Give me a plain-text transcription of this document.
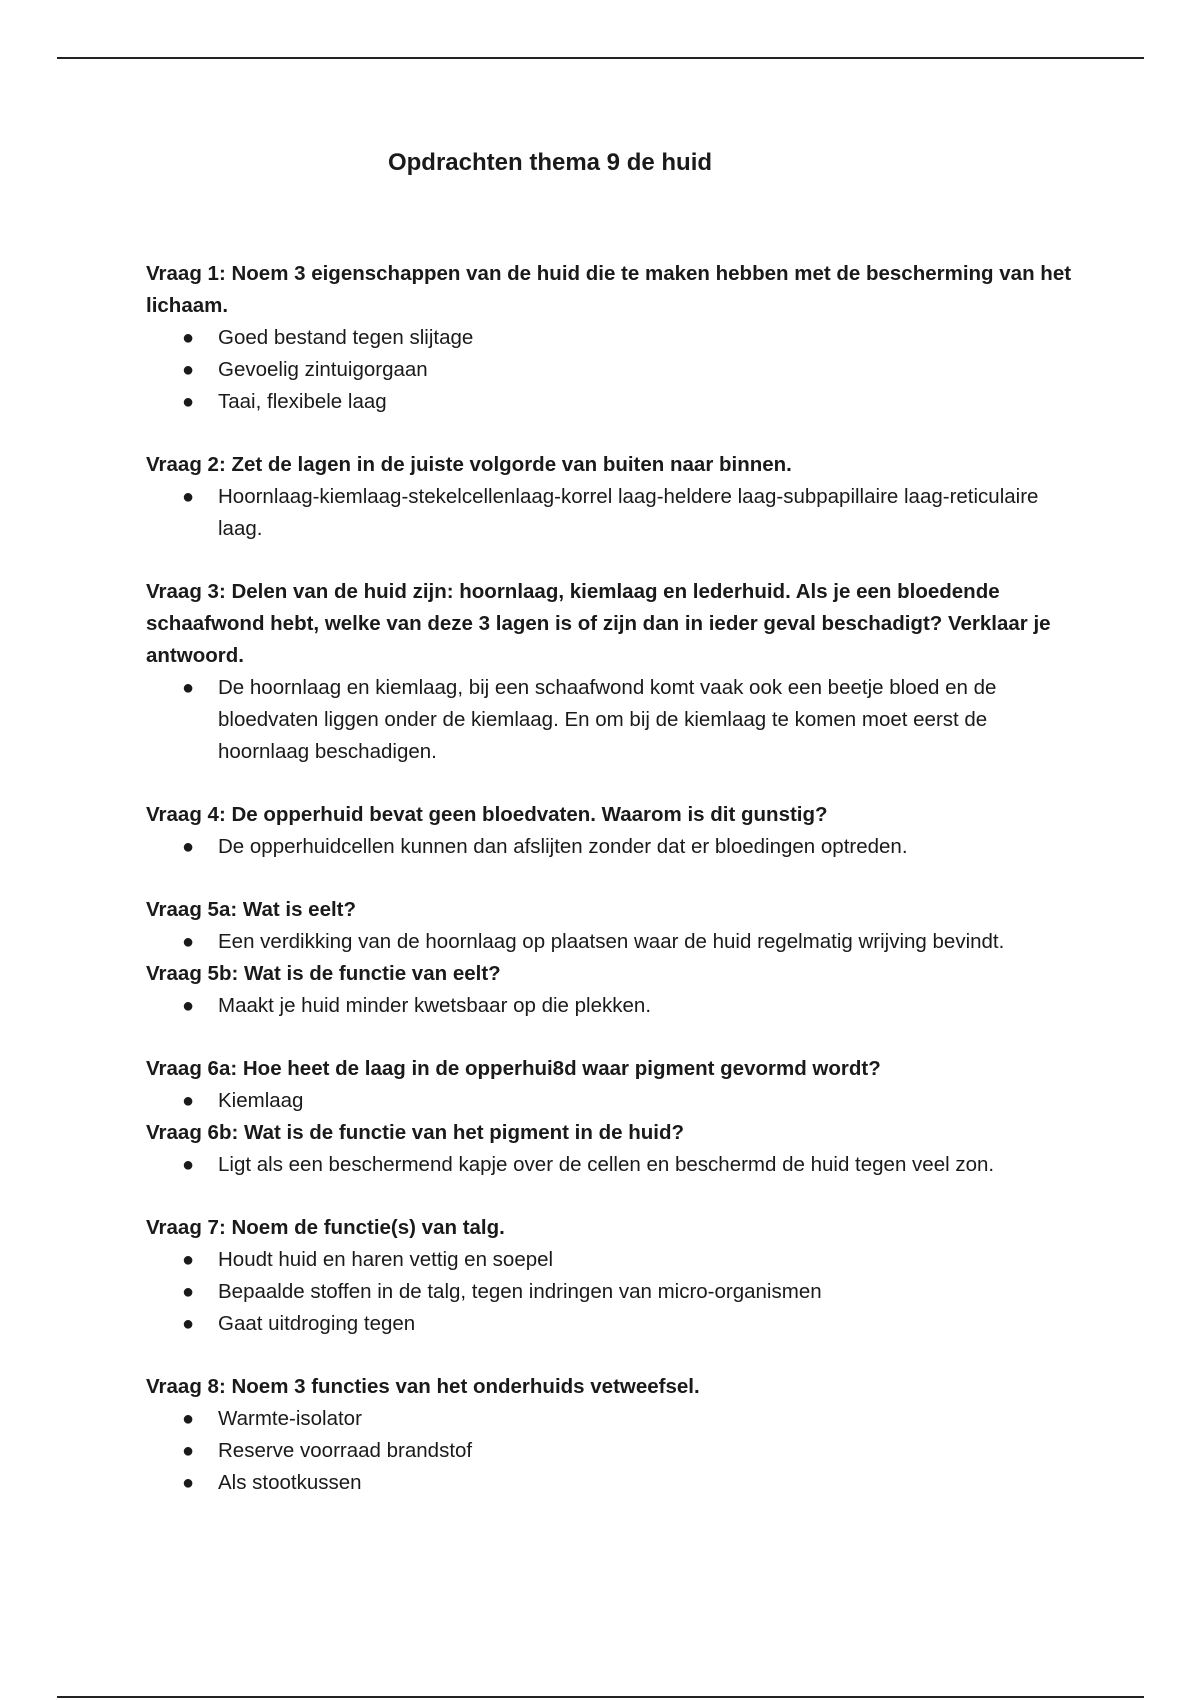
Opdrachten thema 9 de huid

Vraag 1: Noem 3 eigenschappen van de huid die te maken hebben met de bescherming van het lichaam.

● Goed bestand tegen slijtage
● Gevoelig zintuigorgaan
● Taai, flexibele laag

Vraag 2: Zet de lagen in de juiste volgorde van buiten naar binnen.

● Hoornlaag-kiemlaag-stekelcellenlaag-korrel laag-heldere laag-subpapillaire laag-reticulaire laag.

Vraag 3: Delen van de huid zijn: hoornlaag, kiemlaag en lederhuid. Als je een bloedende schaafwond hebt, welke van deze 3 lagen is of zijn dan in ieder geval beschadigt? Verklaar je antwoord.

● De hoornlaag en kiemlaag, bij een schaafwond komt vaak ook een beetje bloed en de bloedvaten liggen onder de kiemlaag. En om bij de kiemlaag te komen moet eerst de hoornlaag beschadigen.

Vraag 4: De opperhuid bevat geen bloedvaten. Waarom is dit gunstig?

● De opperhuidcellen kunnen dan afslijten zonder dat er bloedingen optreden.

Vraag 5a: Wat is eelt?

● Een verdikking van de hoornlaag op plaatsen waar de huid regelmatig wrijving bevindt.

Vraag 5b: Wat is de functie van eelt?

● Maakt je huid minder kwetsbaar op die plekken.

Vraag 6a: Hoe heet de laag in de opperhui8d waar pigment gevormd wordt?

● Kiemlaag

Vraag 6b: Wat is de functie van het pigment in de huid?

● Ligt als een beschermend kapje over de cellen en beschermd de huid tegen veel zon.

Vraag 7: Noem de functie(s) van talg.

● Houdt huid en haren vettig en soepel
● Bepaalde stoffen in de talg, tegen indringen van micro-organismen
● Gaat uitdroging tegen

Vraag 8: Noem 3 functies van het onderhuids vetweefsel.

● Warmte-isolator
● Reserve voorraad brandstof
● Als stootkussen
